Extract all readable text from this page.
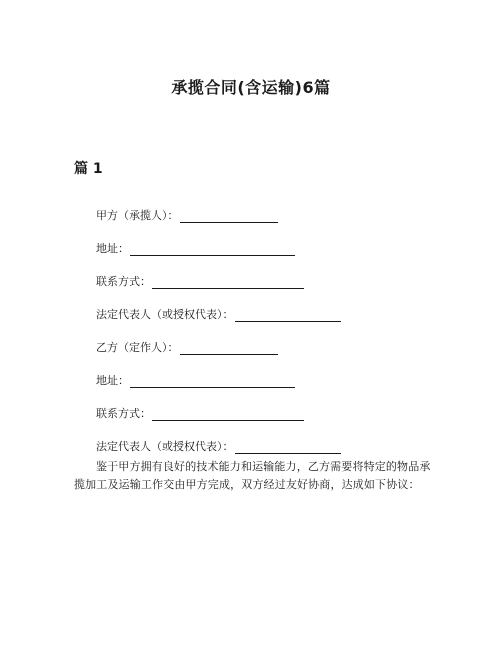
承揽合同(含运输)6篇
篇 1
甲方（承揽人）：
地址：
联系方式：
法定代表人（或授权代表）：
乙方（定作人）：
地址：
联系方式：
法定代表人（或授权代表）：

鉴于甲方拥有良好的技术能力和运输能力，乙方需要将特定的物品承揽加工及运输工作交由甲方完成，双方经过友好协商，达成如下协议：
